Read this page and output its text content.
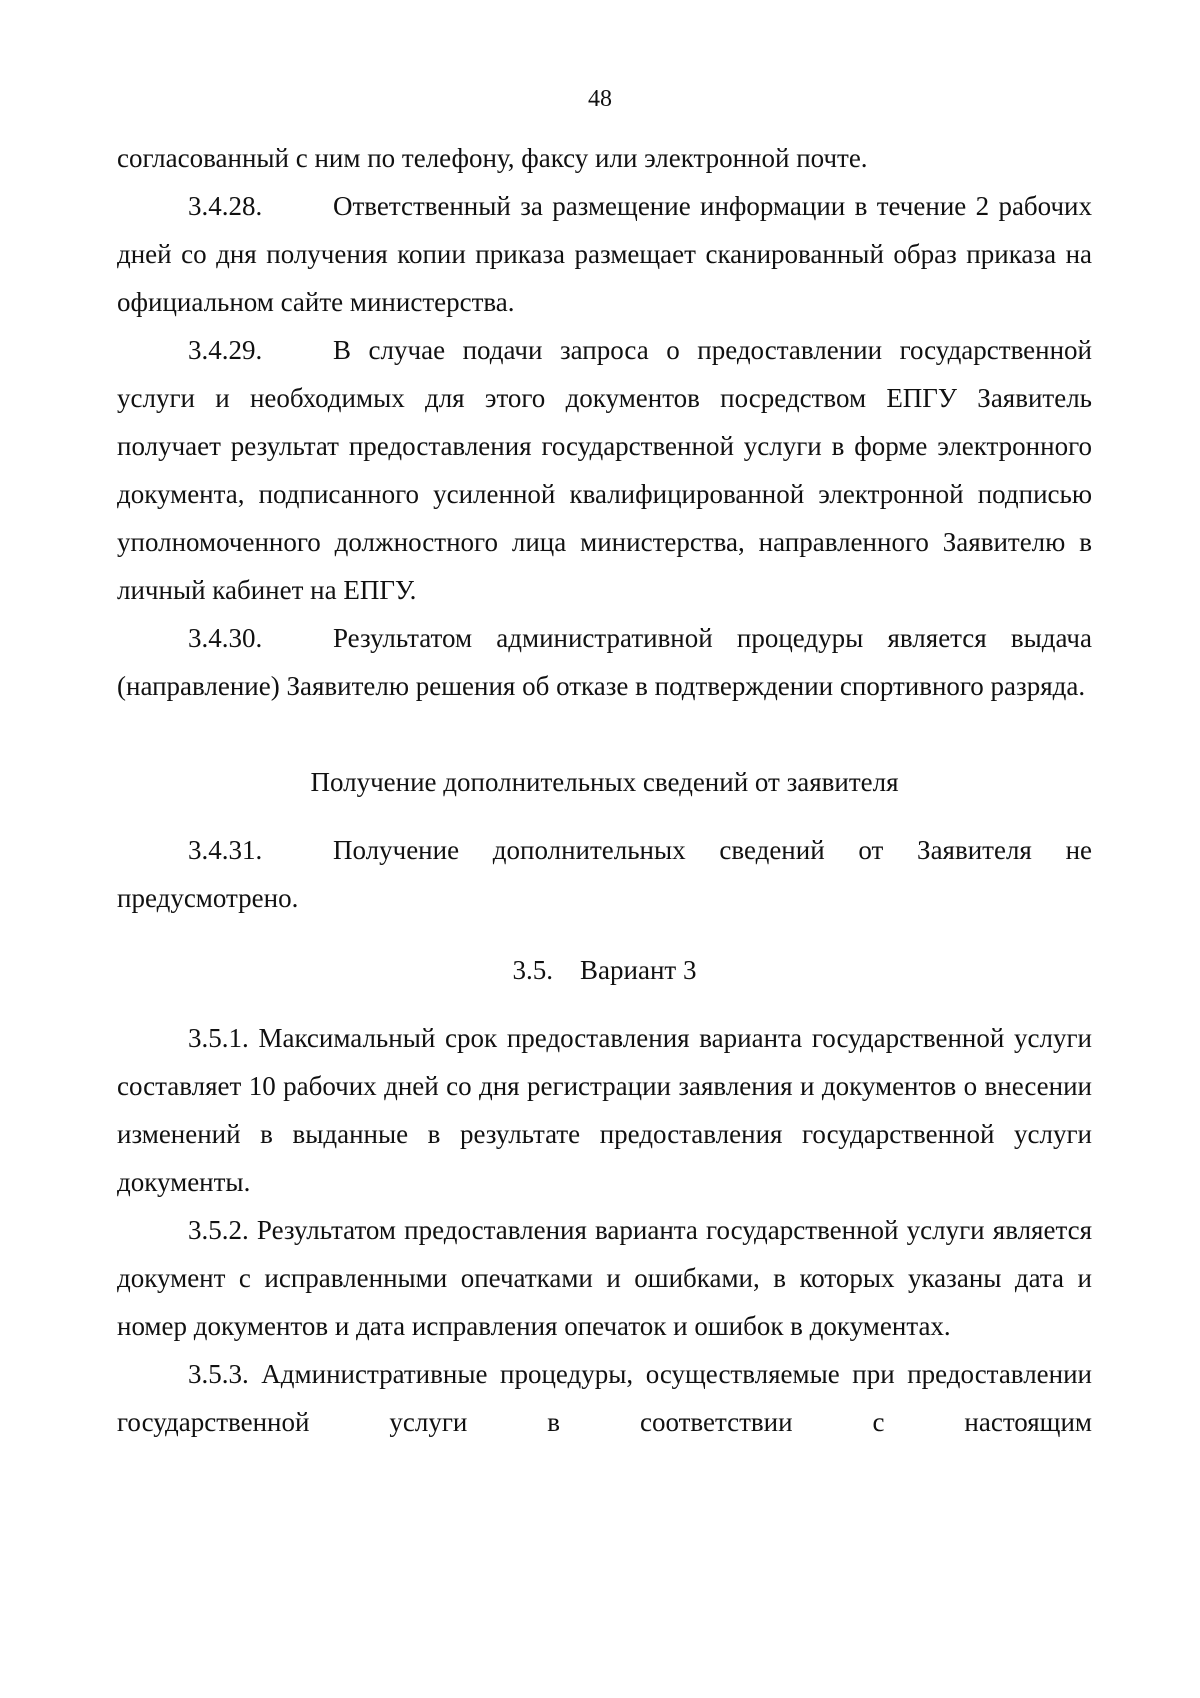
48

согласованный с ним по телефону, факсу или электронной почте.

3.4.28.	Ответственный за размещение информации в течение 2 рабочих дней со дня получения копии приказа размещает сканированный образ приказа на официальном сайте министерства.

3.4.29.	В случае подачи запроса о предоставлении государственной услуги и необходимых для этого документов посредством ЕПГУ Заявитель получает результат предоставления государственной услуги в форме электронного документа, подписанного усиленной квалифицированной электронной подписью уполномоченного должностного лица министерства, направленного Заявителю в личный кабинет на ЕПГУ.

3.4.30.	Результатом административной процедуры является выдача (направление) Заявителю решения об отказе в подтверждении спортивного разряда.

Получение дополнительных сведений от заявителя

3.4.31.	Получение дополнительных сведений от Заявителя не предусмотрено.

3.5.    Вариант 3

3.5.1. Максимальный срок предоставления варианта государственной услуги составляет 10 рабочих дней со дня регистрации заявления и документов о внесении изменений в выданные в результате предоставления государственной услуги документы.

3.5.2. Результатом предоставления варианта государственной услуги является документ с исправленными опечатками и ошибками, в которых указаны дата и номер документов и дата исправления опечаток и ошибок в документах.

3.5.3. Административные процедуры, осуществляемые при предоставлении государственной услуги в соответствии с настоящим
